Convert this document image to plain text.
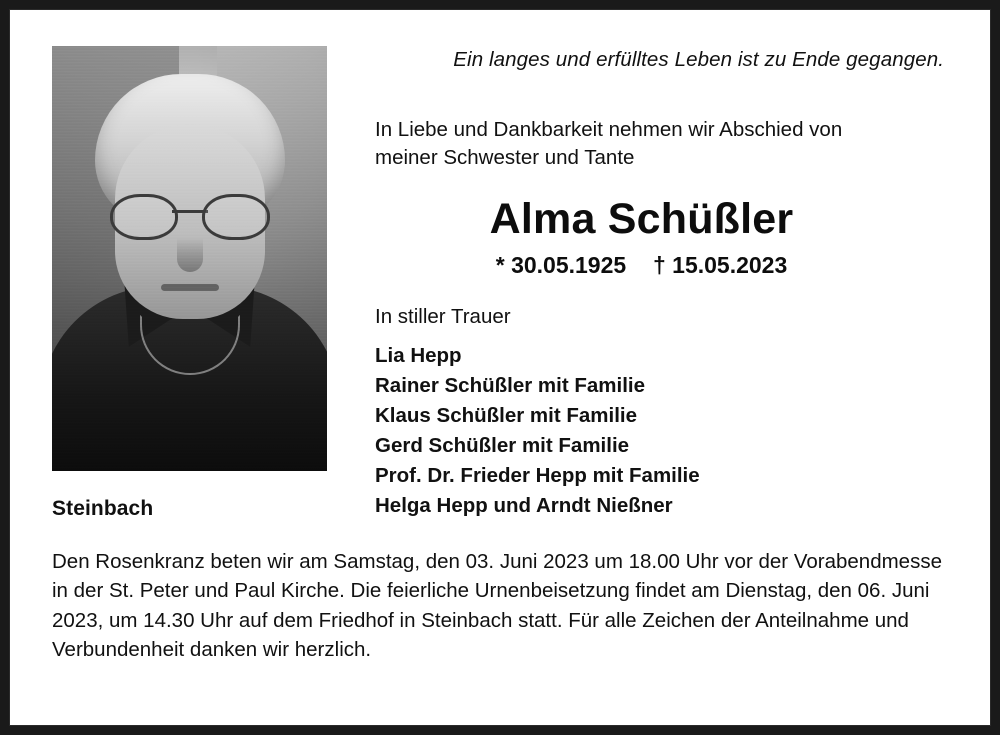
Steinbach
Ein langes und erfülltes Leben ist zu Ende gegangen.
In Liebe und Dankbarkeit nehmen wir Abschied von
meiner Schwester und Tante
Alma Schüßler
* 30.05.1925 † 15.05.2023
In stiller Trauer
Lia Hepp
Rainer Schüßler mit Familie
Klaus Schüßler mit Familie
Gerd Schüßler mit Familie
Prof. Dr. Frieder Hepp mit Familie
Helga Hepp und Arndt Nießner
Den Rosenkranz beten wir am Samstag, den 03. Juni 2023 um 18.00 Uhr vor der Vorabendmesse in der St. Peter und Paul Kirche. Die feierliche Urnenbeisetzung findet am Dienstag, den 06. Juni 2023, um 14.30 Uhr auf dem Friedhof in Steinbach statt. Für alle Zeichen der Anteilnahme und Verbundenheit danken wir herzlich.
